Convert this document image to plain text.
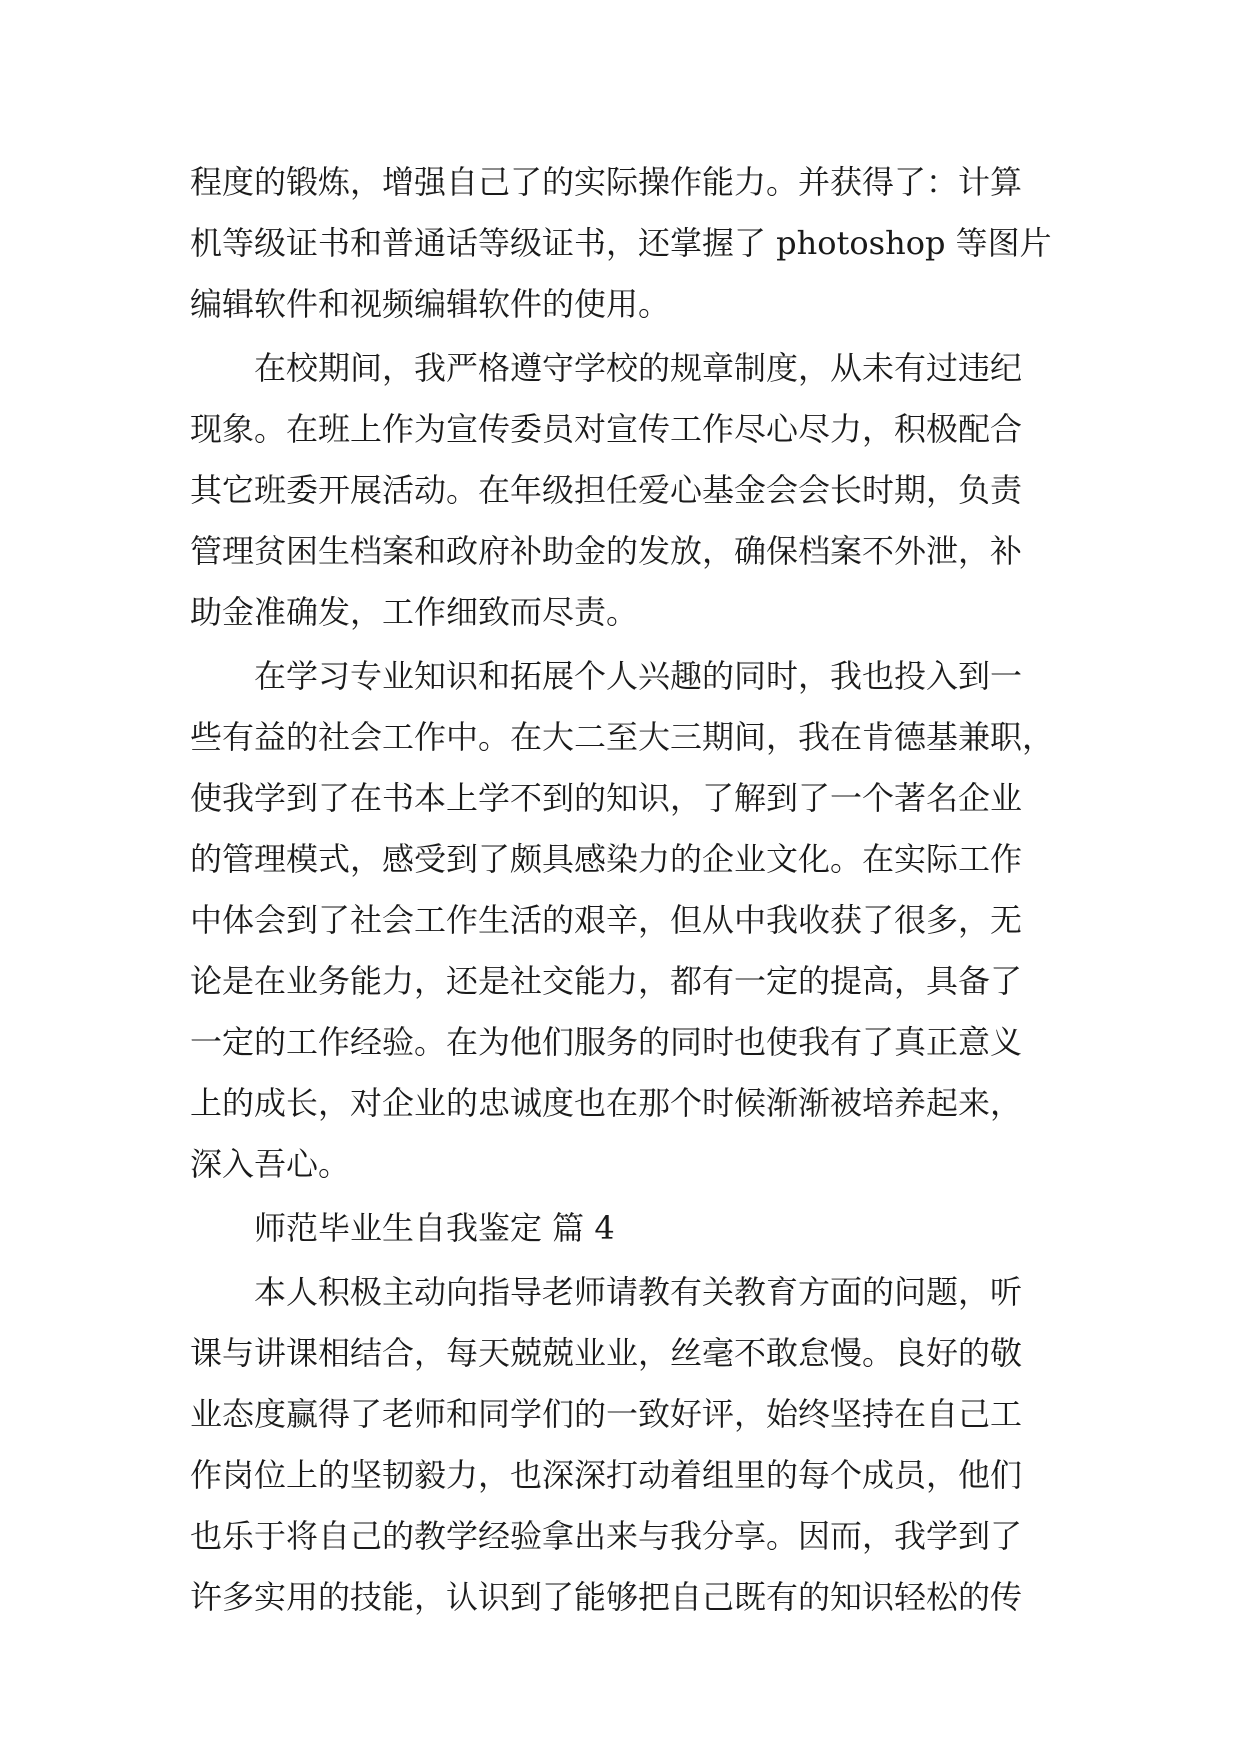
程度的锻炼，增强自己了的实际操作能力。并获得了：计算
机等级证书和普通话等级证书，还掌握了 photoshop 等图片
编辑软件和视频编辑软件的使用。
在校期间，我严格遵守学校的规章制度，从未有过违纪
现象。在班上作为宣传委员对宣传工作尽心尽力，积极配合
其它班委开展活动。在年级担任爱心基金会会长时期，负责
管理贫困生档案和政府补助金的发放，确保档案不外泄，补
助金准确发，工作细致而尽责。
在学习专业知识和拓展个人兴趣的同时，我也投入到一
些有益的社会工作中。在大二至大三期间，我在肯德基兼职，
使我学到了在书本上学不到的知识，了解到了一个著名企业
的管理模式，感受到了颇具感染力的企业文化。在实际工作
中体会到了社会工作生活的艰辛，但从中我收获了很多，无
论是在业务能力，还是社交能力，都有一定的提高，具备了
一定的工作经验。在为他们服务的同时也使我有了真正意义
上的成长，对企业的忠诚度也在那个时候渐渐被培养起来，
深入吾心。
师范毕业生自我鉴定 篇 4
本人积极主动向指导老师请教有关教育方面的问题，听
课与讲课相结合，每天兢兢业业，丝毫不敢怠慢。良好的敬
业态度赢得了老师和同学们的一致好评，始终坚持在自己工
作岗位上的坚韧毅力，也深深打动着组里的每个成员，他们
也乐于将自己的教学经验拿出来与我分享。因而，我学到了
许多实用的技能，认识到了能够把自己既有的知识轻松的传
